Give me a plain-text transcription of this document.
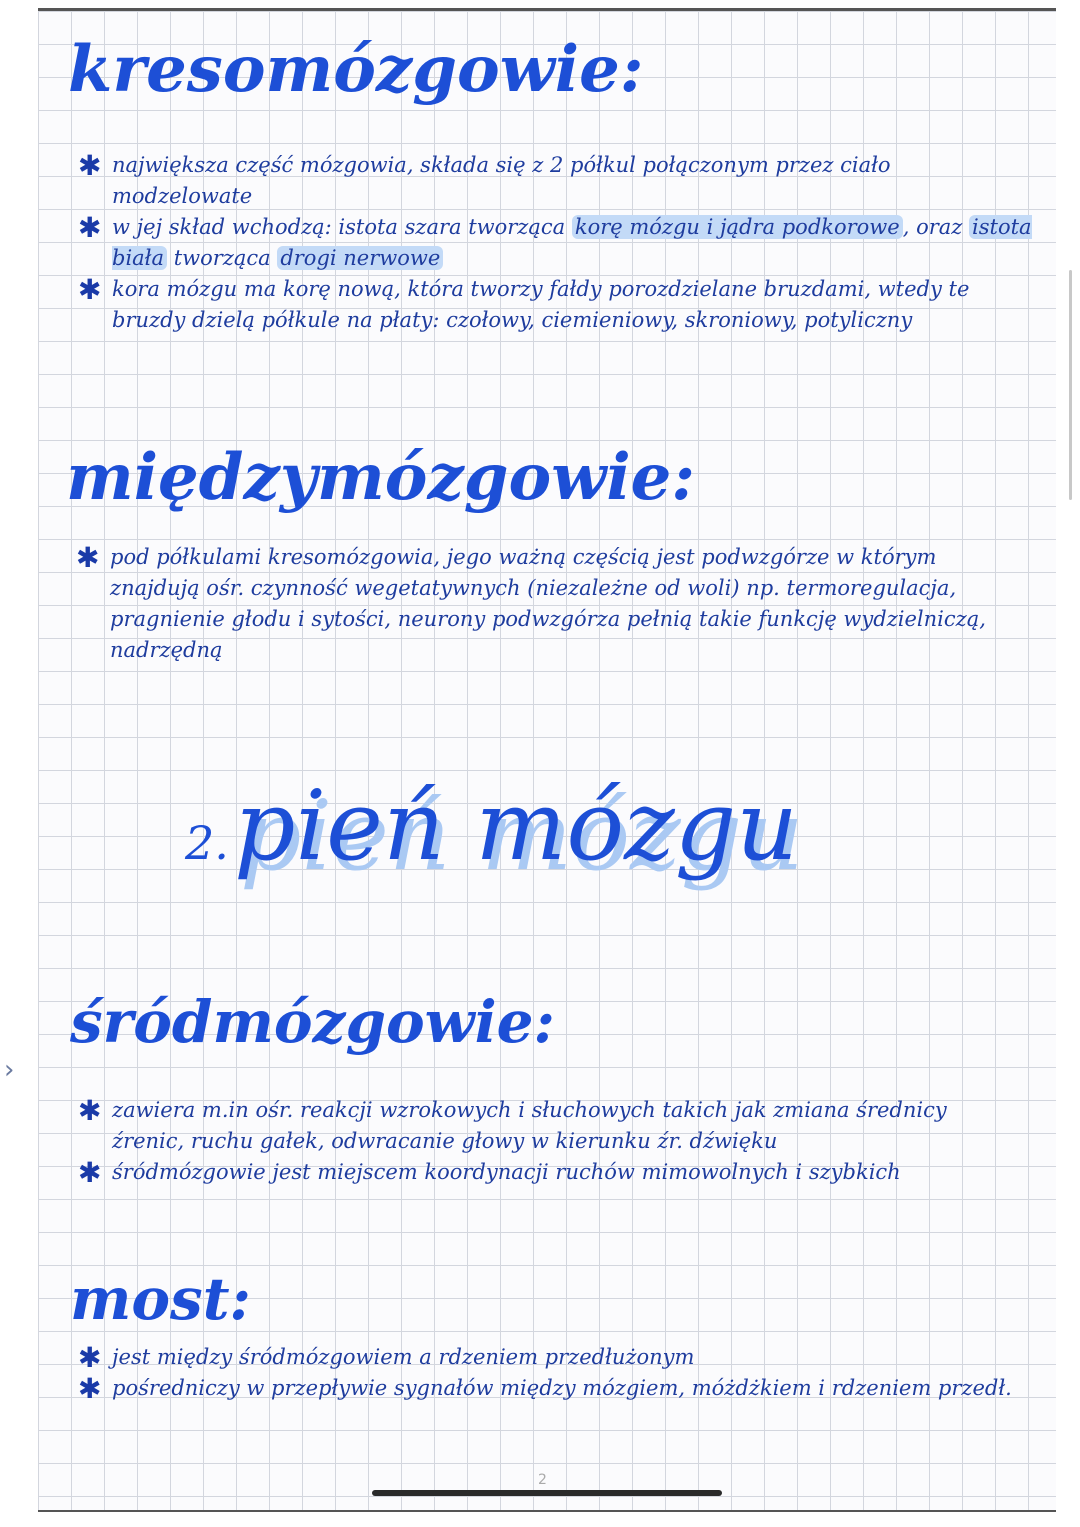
›
kresomózgowie:
✱ największa część mózgowia, składa się z 2 półkul połączonym przez ciało modzelowate
✱ w jej skład wchodzą: istota szara tworząca korę mózgu i jądra podkorowe , oraz istota biała tworząca drogi nerwowe
✱ kora mózgu ma korę nową, która tworzy fałdy porozdzielane bruzdami, wtedy te bruzdy dzielą półkule na płaty: czołowy, ciemieniowy, skroniowy, potyliczny
międzymózgowie:
✱ pod półkulami kresomózgowia, jego ważną częścią jest podwzgórze w którym znajdują ośr. czynność wegetatywnych (niezależne od woli) np. termoregulacja, pragnienie głodu i sytości, neurony podwzgórza pełnią takie funkcję wydzielniczą, nadrzędną
2. pień mózgu
śródmózgowie:
✱ zawiera m.in ośr. reakcji wzrokowych i słuchowych takich jak zmiana średnicy źrenic, ruchu gałek, odwracanie głowy w kierunku źr. dźwięku
✱ śródmózgowie jest miejscem koordynacji ruchów mimowolnych i szybkich
most:
✱ jest między śródmózgowiem a rdzeniem przedłużonym
✱ pośredniczy w przepływie sygnałów między mózgiem, móżdżkiem i rdzeniem przedł.
2
